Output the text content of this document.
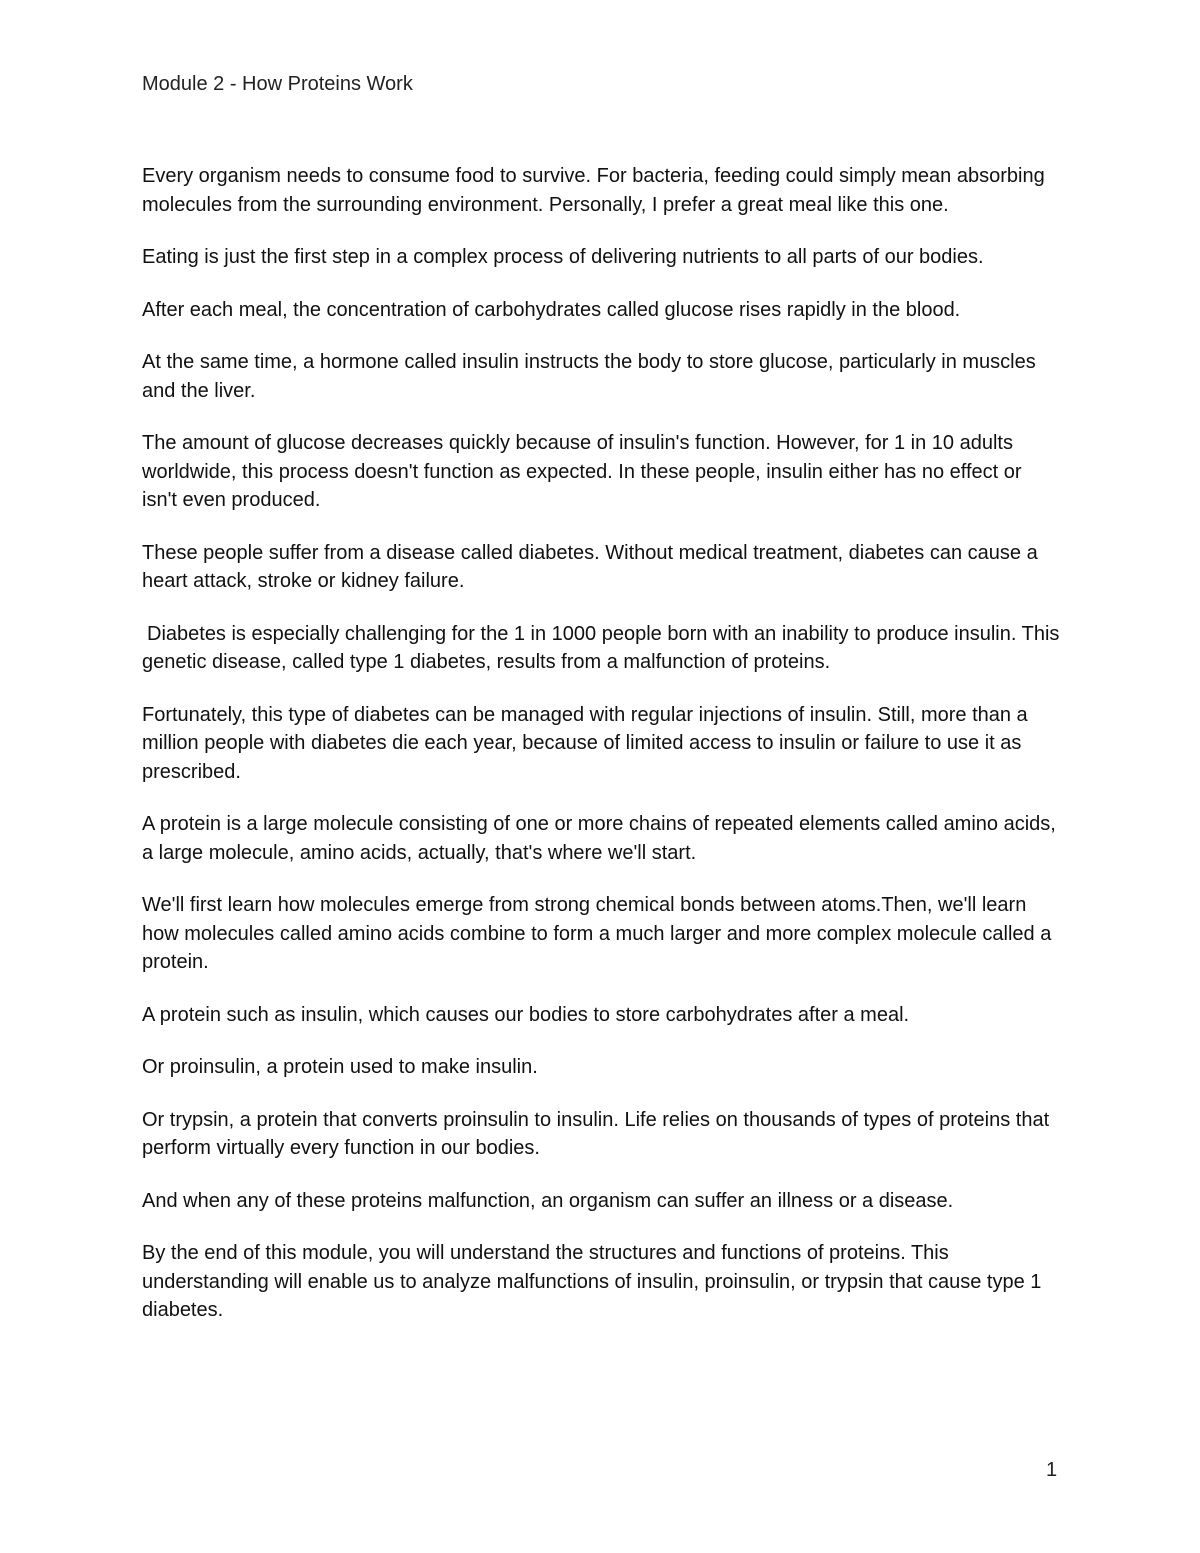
Module 2 - How Proteins Work

Every organism needs to consume food to survive. For bacteria, feeding could simply mean absorbing molecules from the surrounding environment. Personally, I prefer a great meal like this one.

Eating is just the first step in a complex process of delivering nutrients to all parts of our bodies.

After each meal, the concentration of carbohydrates called glucose rises rapidly in the blood.

At the same time, a hormone called insulin instructs the body to store glucose, particularly in muscles and the liver.

The amount of glucose decreases quickly because of insulin's function. However, for 1 in 10 adults worldwide, this process doesn't function as expected. In these people, insulin either has no effect or isn't even produced.

These people suffer from a disease called diabetes. Without medical treatment, diabetes can cause a heart attack, stroke or kidney failure.

Diabetes is especially challenging for the 1 in 1000 people born with an inability to produce insulin. This genetic disease, called type 1 diabetes, results from a malfunction of proteins.

Fortunately, this type of diabetes can be managed with regular injections of insulin. Still, more than a million people with diabetes die each year, because of limited access to insulin or failure to use it as prescribed.

A protein is a large molecule consisting of one or more chains of repeated elements called amino acids, a large molecule, amino acids, actually, that's where we'll start.

We'll first learn how molecules emerge from strong chemical bonds between atoms.Then, we'll learn how molecules called amino acids combine to form a much larger and more complex molecule called a protein.

A protein such as insulin, which causes our bodies to store carbohydrates after a meal.

Or proinsulin, a protein used to make insulin.

Or trypsin, a protein that converts proinsulin to insulin. Life relies on thousands of types of proteins that perform virtually every function in our bodies.

And when any of these proteins malfunction, an organism can suffer an illness or a disease.

By the end of this module, you will understand the structures and functions of proteins. This understanding will enable us to analyze malfunctions of insulin, proinsulin, or trypsin that cause type 1 diabetes.

1
